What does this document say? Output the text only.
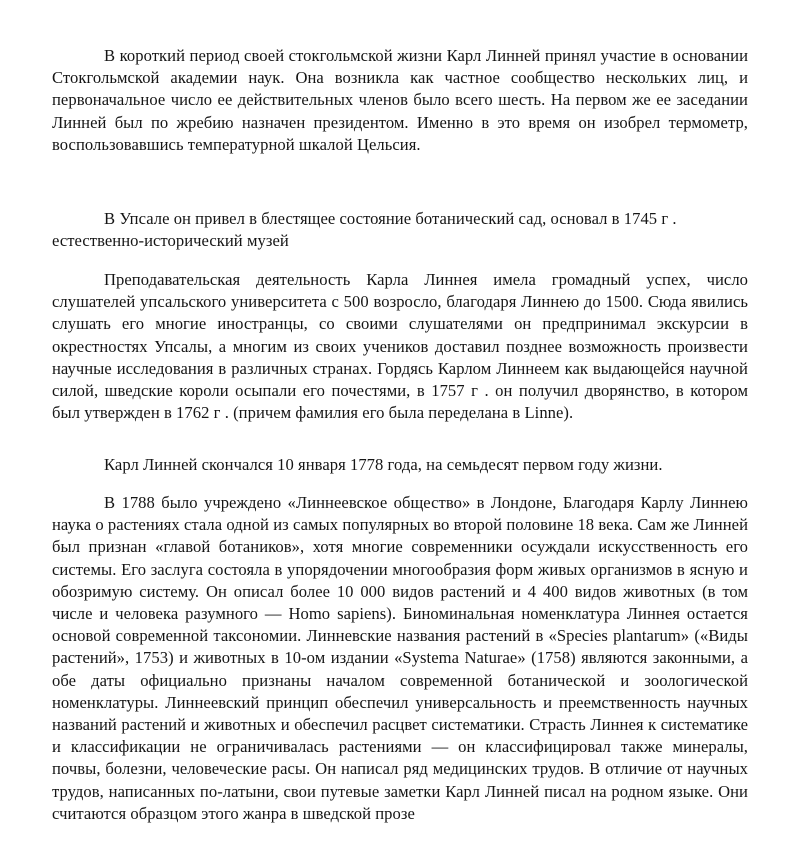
В короткий период своей стокгольмской жизни Карл Линней принял участие в основании Стокгольмской академии наук. Она возникла как частное сообщество нескольких лиц, и первоначальное число ее действительных членов было всего шесть. На первом же ее заседании Линней был по жребию назначен президентом. Именно в это время он изобрел термометр, воспользовавшись температурной шкалой Цельсия.

В Упсале он привел в блестящее состояние ботанический сад, основал в 1745 г . естественно-исторический музей

Преподавательская деятельность Карла Линнея имела громадный успех, число слушателей упсальского университета с 500 возросло, благодаря Линнею до 1500. Сюда явились слушать его многие иностранцы, со своими слушателями он предпринимал экскурсии в окрестностях Упсалы, а многим из своих учеников доставил позднее возможность произвести научные исследования в различных странах. Гордясь Карлом Линнеем как выдающейся научной силой, шведские короли осыпали его почестями, в 1757 г . он получил дворянство, в котором был утвержден в 1762 г . (причем фамилия его была переделана в Linne).

Карл Линней скончался 10 января 1778 года, на семьдесят первом году жизни.

В 1788 было учреждено «Линнеевское общество» в Лондоне, Благодаря Карлу Линнею наука о растениях стала одной из самых популярных во второй половине 18 века. Сам же Линней был признан «главой ботаников», хотя многие современники осуждали искусственность его системы. Его заслуга состояла в упорядочении многообразия форм живых организмов в ясную и обозримую систему. Он описал более 10 000 видов растений и 4 400 видов животных (в том числе и человека разумного — Homo sapiens). Биноминальная номенклатура Линнея остается основой современной таксономии. Линневские названия растений в «Species plantarum» («Виды растений», 1753) и животных в 10-ом издании «Systema Naturae» (1758) являются законными, а обе даты официально признаны началом современной ботанической и зоологической номенклатуры. Линнеевский принцип обеспечил универсальность и преемственность научных названий растений и животных и обеспечил расцвет систематики. Страсть Линнея к систематике и классификации не ограничивалась растениями — он классифицировал также минералы, почвы, болезни, человеческие расы. Он написал ряд медицинских трудов. В отличие от научных трудов, написанных по-латыни, свои путевые заметки Карл Линней писал на родном языке. Они считаются образцом этого жанра в шведской прозе
